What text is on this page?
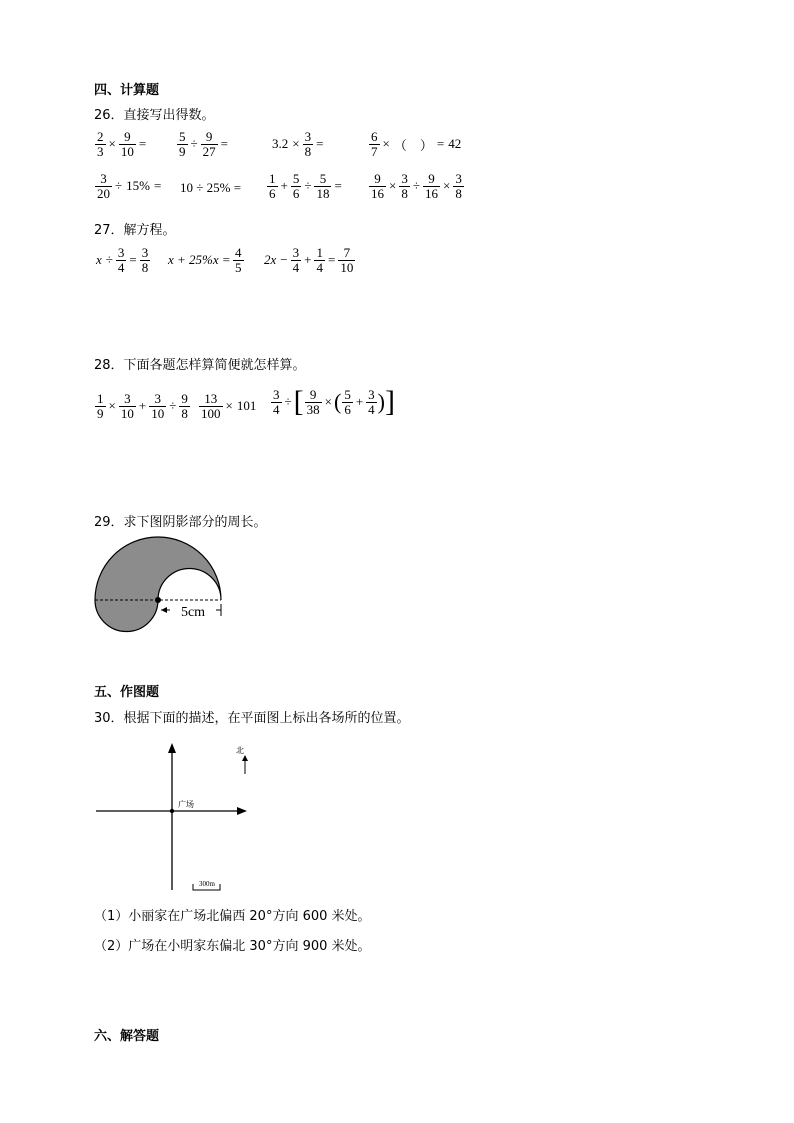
四、计算题
26．直接写出得数。
$\frac{2}{3} \times \frac{9}{10} = \frac{5}{9} \div \frac{9}{27}$ =	$3.2 \times \frac{3}{8}$ =	$\frac{6}{7}$ × （　） = 42
$\frac{3}{20} \div 15\% = 10 \div 25\% = \frac{1}{6} + \frac{5}{6} \div \frac{5}{18} = \frac{9}{16} \times \frac{3}{8} \div \frac{9}{16} \times \frac{3}{8}$
27．解方程。
$x \div \frac{3}{4} = \frac{3}{8}$ $x + 25\%x = \frac{4}{5} 2x - \frac{3}{4} + \frac{1}{4} = \frac{7}{10}$
28．下面各题怎样算简便就怎样算。
$\frac{1}{9} \times \frac{3}{10} + \frac{3}{10} \div \frac{9}{8} \frac{13}{100} \times 101 \frac{3}{4}$ ÷[ $\frac{9}{38}$ ×( $\frac{5}{6} + \frac{3}{4}$ )]
29．求下图阴影部分的周长。
5cm
五、作图题
30．根据下面的描述，在平面图上标出各场所的位置。
广场
北
300m
（1）小丽家在广场北偏西 20°方向 600 米处。
（2）广场在小明家东偏北 30°方向 900 米处。
六、解答题
